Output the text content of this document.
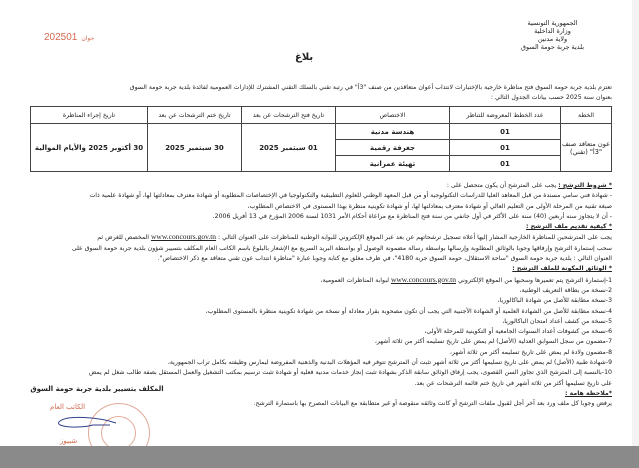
الجمهورية التونسية
وزارة الداخلية
ولاية مدنين
بلدية جربة حومة السوق
2025	جوان01
بلاغ
تعتزم بلدية جربة حومة السوق فتح مناظرة خارجية بالإختبارات لانتداب أعوان متعاقدين من صنف "3أ" في رتبة تقني بالسلك التقني المشترك للإدارات العمومية لفائدة بلدية جربة حومة السوق
بعنوان سنة 2025 حسب بيانات الجدول التالي :
الخطة	عدد الخطط المعروضة للتناظر	الاختصاص	تاريخ فتح الترشحات عن بعد	تاريخ ختم الترشحات عن بعد	تاريخ إجراء المناظرة
عون متعاقد صنف "3أ" (تقني)	01	هندسة مدنية	01 سبتمبر 2025	30 سبتمبر 2025	30 أكتوبر 2025 والأيام الموالية
	01	جغرفة رقمية			
	01	تهيئة عمرانية			
* شروط الترشح : يجب على المترشح أن يكون متحصل على :
- شهادة فني سامي مسندة من قبل المعاهد العليا للدراسات التكنولوجية أو من قبل المعهد الوطني للعلوم التطبيقية والتكنولوجيا في الإختصاصات المطلوبة أو شهادة معترف بمعادلتها لها، أو شهادة علمية ذات
صبغة تقنية من المرحلة الأولى من التعليم العالي أو شهادة معترف بمعادلتها لها، أو شهادة تكوينية منظرة بهذا المستوى في الاختصاص المطلوب،
- أن لا يتجاوز سنه أربعين (40) سنة على الأكثر في أول جانفي من سنة فتح المناظرة مع مراعاة أحكام الأمر 1031 لسنة 2006 المؤرخ في 13 أفريل 2006.
* كيفية تقديم ملف الترشح :
يجب على المترشحين للمناظرة الخارجية المشار إليها أعلاه تسجيل ترشحاتهم عن بعد عبر الموقع الإلكتروني للبوابة الوطنية للمناظرات على العنوان التالي : www.concours.gov.tn المخصص للغرض ثم
سحب إستمارة الترشح وإرفاقها وجوبا بالوثائق المطلوبة وإرسالها بواسطة رسالة مضمونة الوصول أو بواسطة البريد السريع مع الإشعار بالبلوغ باسم الكاتب العام المكلف بتسيير شؤون بلدية جربة حومة السوق على
العنوان التالي : بلدية جربة حومة السوق "ساحة الاستقلال، حومة السوق جربة 4180"، في ظرف مغلق مع كتابة وجوبا عبارة "مناظرة انتداب عون تقني متعاقد مع ذكر الاختصاص".
* الوثائق المكونة للملف الترشح :
1-إستمارة الترشح يتم تعميرها وسحبها من الموقع الإلكتروني www.concours.gov.tn لبوابة المناظرات العمومية،
2-نسخة من بطاقة التعريف الوطنية،
3-نسخة مطابقة للأصل من شهادة الباكالوريا،
4-نسخة مطابقة للأصل من الشهادة العلمية أو الشهادة الأجنبية التي يجب أن تكون مصحوبة بقرار معادلة أو نسخة من شهادة تكوينية منظرة بالمستوى المطلوب،
5-نسخة من كشف أعداد امتحان الباكالوريا،
6-نسخة من كشوفات أعداد السنوات الجامعية أو التكوينية للمرحلة الأولى،
7-مضمون من سجل السوابق العدلية (الأصل) لم يمض على تاريخ تسليمه أكثر من ثلاثة أشهر،
8-مضمون ولادة لم يمض على تاريخ تسليمه أكثر من ثلاثة أشهر،
9-شهادة طبية (الأصل) لم يمض على تاريخ تسليمها أكثر من ثلاثة أشهر تثبت أن المترشح تتوفر فيه المؤهلات البدنية والذهنية المفروضة ليمارس وظيفته بكامل تراب الجمهورية،
10-بالنسبة إلى المترشح الذي تجاوز السن القصوى، يجب إرفاق الوثائق سابقة الذكر بشهادة تثبت إنجاز خدمات مدنية فعلية أو شهادة تثبت ترسيم بمكتب التشغيل والعمل المستقل بصفة طالب شغل لم يمض
على تاريخ تسليمها أكثر من ثلاثة أشهر في تاريخ ختم قائمة الترشحات عن بعد.
*ملاحظة هامة :
يرفض وجوبا كل ملف ورد بعد آخر أجل لقبول ملفات الترشح أو كانت وثائقه منقوصة أو غير متطابقة مع البيانات المصرح بها باستمارة الترشح.
المكلف بتسيير بلدية جربة حومة السوق
الكاتب العام
شبيوز
